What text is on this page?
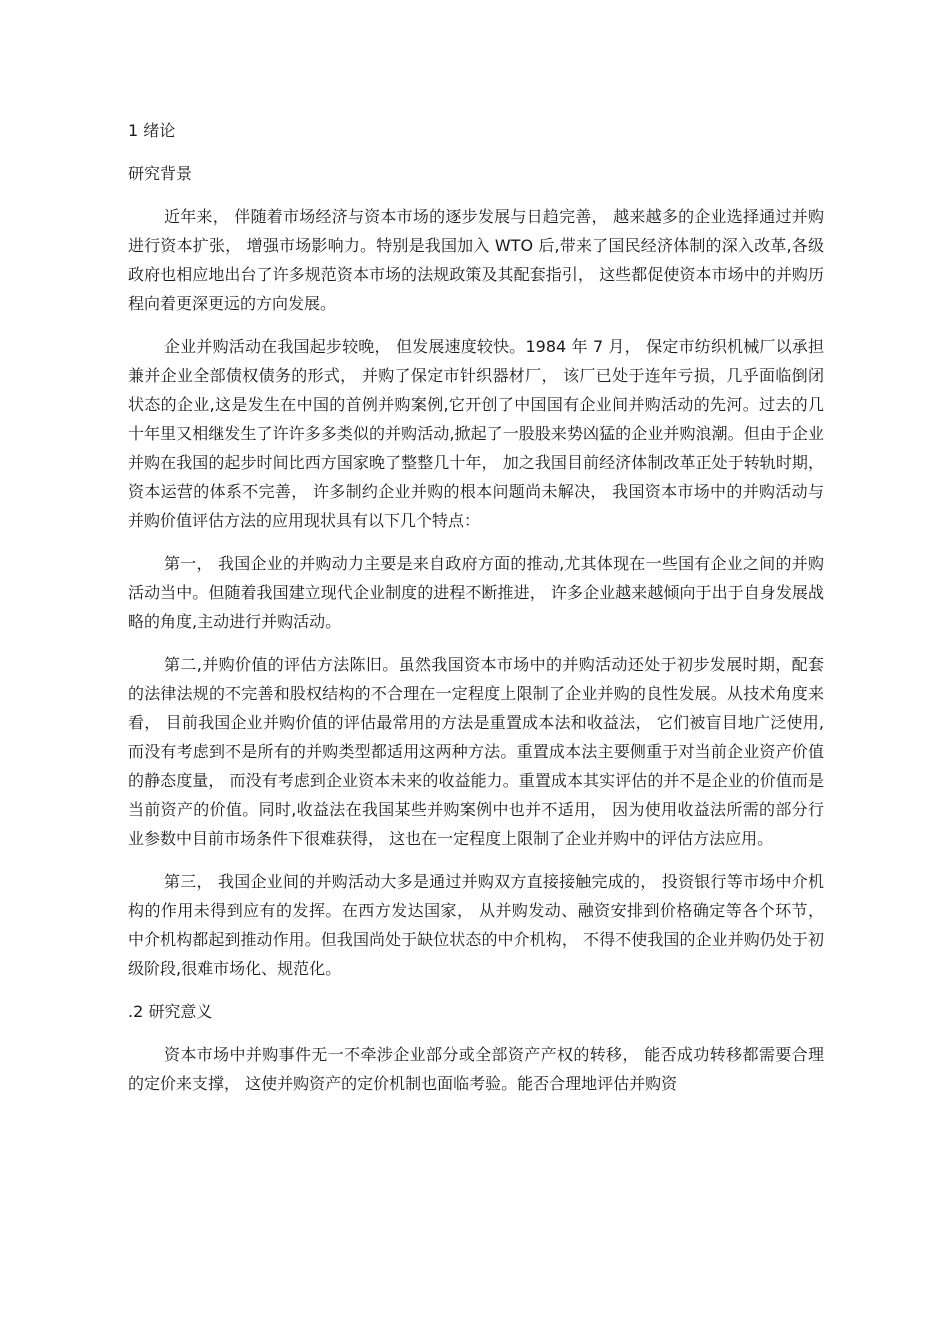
1 绪论
研究背景

近年来， 伴随着市场经济与资本市场的逐步发展与日趋完善， 越来越多的企业选择通过并购进行资本扩张， 增强市场影响力。特别是我国加入 WTO 后,带来了国民经济体制的深入改革,各级政府也相应地出台了许多规范资本市场的法规政策及其配套指引， 这些都促使资本市场中的并购历程向着更深更远的方向发展。

企业并购活动在我国起步较晚， 但发展速度较快。1984 年 7 月， 保定市纺织机械厂以承担兼并企业全部债权债务的形式， 并购了保定市针织器材厂， 该厂已处于连年亏损，几乎面临倒闭状态的企业,这是发生在中国的首例并购案例,它开创了中国国有企业间并购活动的先河。过去的几十年里又相继发生了许许多多类似的并购活动,掀起了一股股来势凶猛的企业并购浪潮。但由于企业并购在我国的起步时间比西方国家晚了整整几十年， 加之我国目前经济体制改革正处于转轨时期， 资本运营的体系不完善， 许多制约企业并购的根本问题尚未解决， 我国资本市场中的并购活动与并购价值评估方法的应用现状具有以下几个特点：

第一， 我国企业的并购动力主要是来自政府方面的推动,尤其体现在一些国有企业之间的并购活动当中。但随着我国建立现代企业制度的进程不断推进， 许多企业越来越倾向于出于自身发展战略的角度,主动进行并购活动。

第二,并购价值的评估方法陈旧。虽然我国资本市场中的并购活动还处于初步发展时期，配套的法律法规的不完善和股权结构的不合理在一定程度上限制了企业并购的良性发展。从技术角度来看， 目前我国企业并购价值的评估最常用的方法是重置成本法和收益法， 它们被盲目地广泛使用,而没有考虑到不是所有的并购类型都适用这两种方法。重置成本法主要侧重于对当前企业资产价值的静态度量， 而没有考虑到企业资本未来的收益能力。重置成本其实评估的并不是企业的价值而是当前资产的价值。同时,收益法在我国某些并购案例中也并不适用， 因为使用收益法所需的部分行业参数中目前市场条件下很难获得， 这也在一定程度上限制了企业并购中的评估方法应用。

第三， 我国企业间的并购活动大多是通过并购双方直接接触完成的， 投资银行等市场中介机构的作用未得到应有的发挥。在西方发达国家， 从并购发动、融资安排到价格确定等各个环节， 中介机构都起到推动作用。但我国尚处于缺位状态的中介机构， 不得不使我国的企业并购仍处于初级阶段,很难市场化、规范化。

.2 研究意义

资本市场中并购事件无一不牵涉企业部分或全部资产产权的转移， 能否成功转移都需要合理的定价来支撑， 这使并购资产的定价机制也面临考验。能否合理地评估并购资
